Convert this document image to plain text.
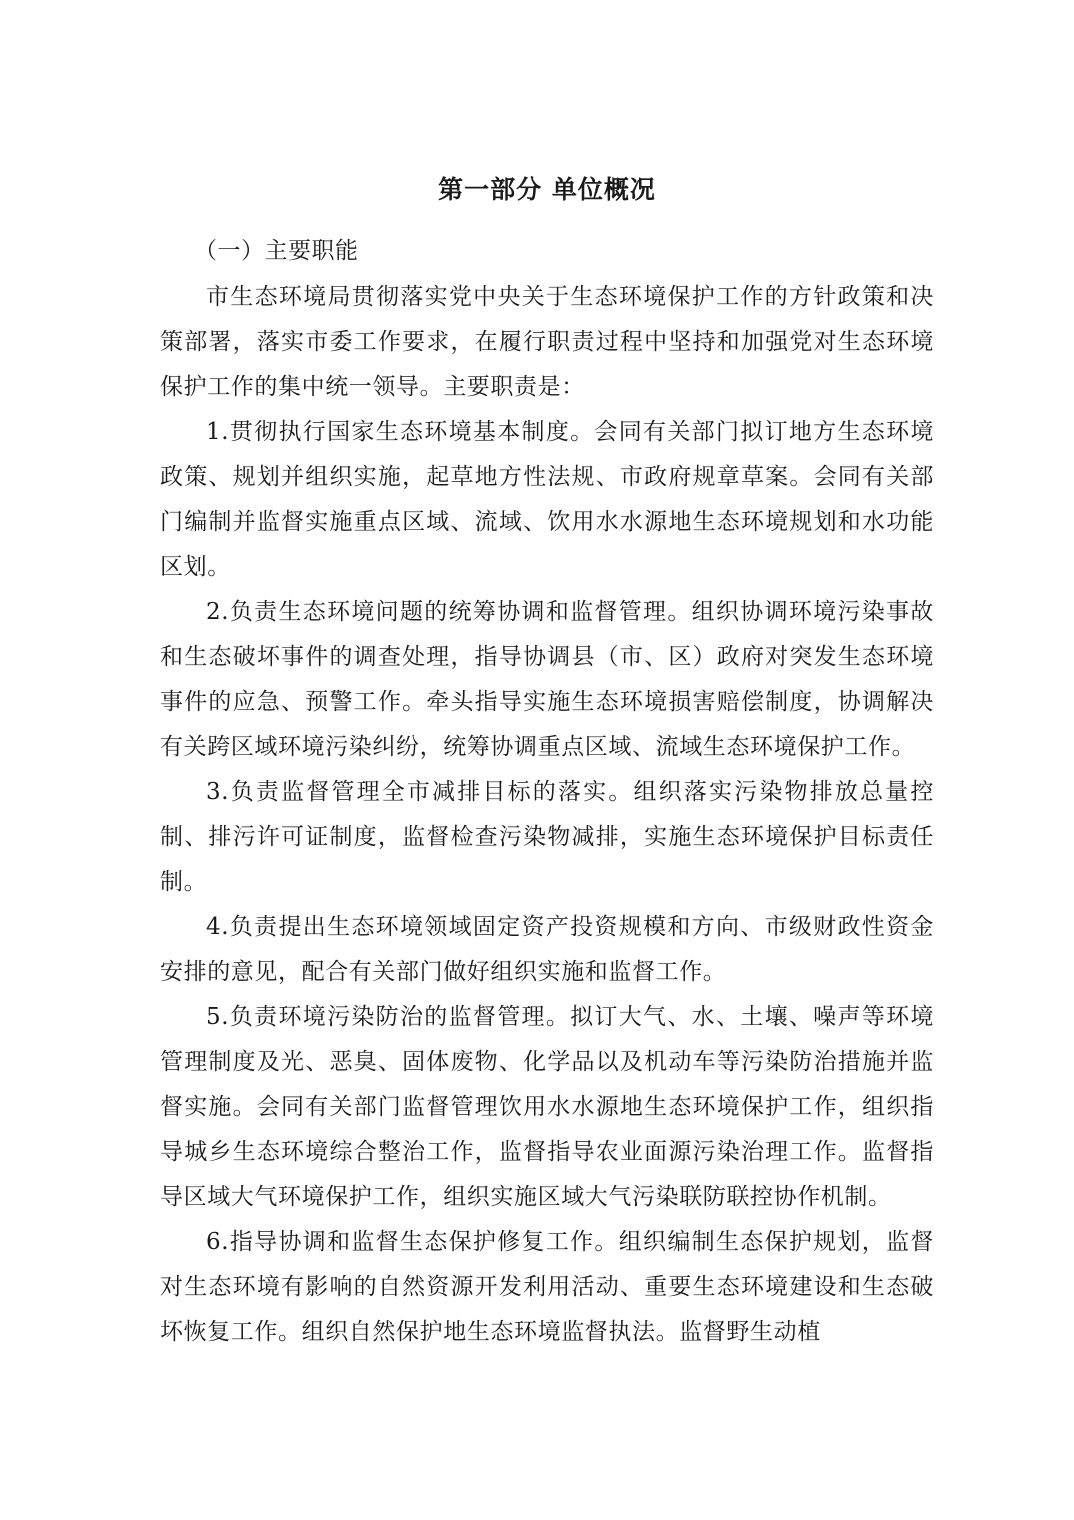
第一部分 单位概况
（一）主要职能

市生态环境局贯彻落实党中央关于生态环境保护工作的方针政策和决策部署，落实市委工作要求，在履行职责过程中坚持和加强党对生态环境保护工作的集中统一领导。主要职责是：

1.贯彻执行国家生态环境基本制度。会同有关部门拟订地方生态环境政策、规划并组织实施，起草地方性法规、市政府规章草案。会同有关部门编制并监督实施重点区域、流域、饮用水水源地生态环境规划和水功能区划。

2.负责生态环境问题的统筹协调和监督管理。组织协调环境污染事故和生态破坏事件的调查处理，指导协调县（市、区）政府对突发生态环境事件的应急、预警工作。牵头指导实施生态环境损害赔偿制度，协调解决有关跨区域环境污染纠纷，统筹协调重点区域、流域生态环境保护工作。

3.负责监督管理全市减排目标的落实。组织落实污染物排放总量控制、排污许可证制度，监督检查污染物减排，实施生态环境保护目标责任制。

4.负责提出生态环境领域固定资产投资规模和方向、市级财政性资金安排的意见，配合有关部门做好组织实施和监督工作。

5.负责环境污染防治的监督管理。拟订大气、水、土壤、噪声等环境管理制度及光、恶臭、固体废物、化学品以及机动车等污染防治措施并监督实施。会同有关部门监督管理饮用水水源地生态环境保护工作，组织指导城乡生态环境综合整治工作，监督指导农业面源污染治理工作。监督指导区域大气环境保护工作，组织实施区域大气污染联防联控协作机制。

6.指导协调和监督生态保护修复工作。组织编制生态保护规划，监督对生态环境有影响的自然资源开发利用活动、重要生态环境建设和生态破坏恢复工作。组织自然保护地生态环境监督执法。监督野生动植
